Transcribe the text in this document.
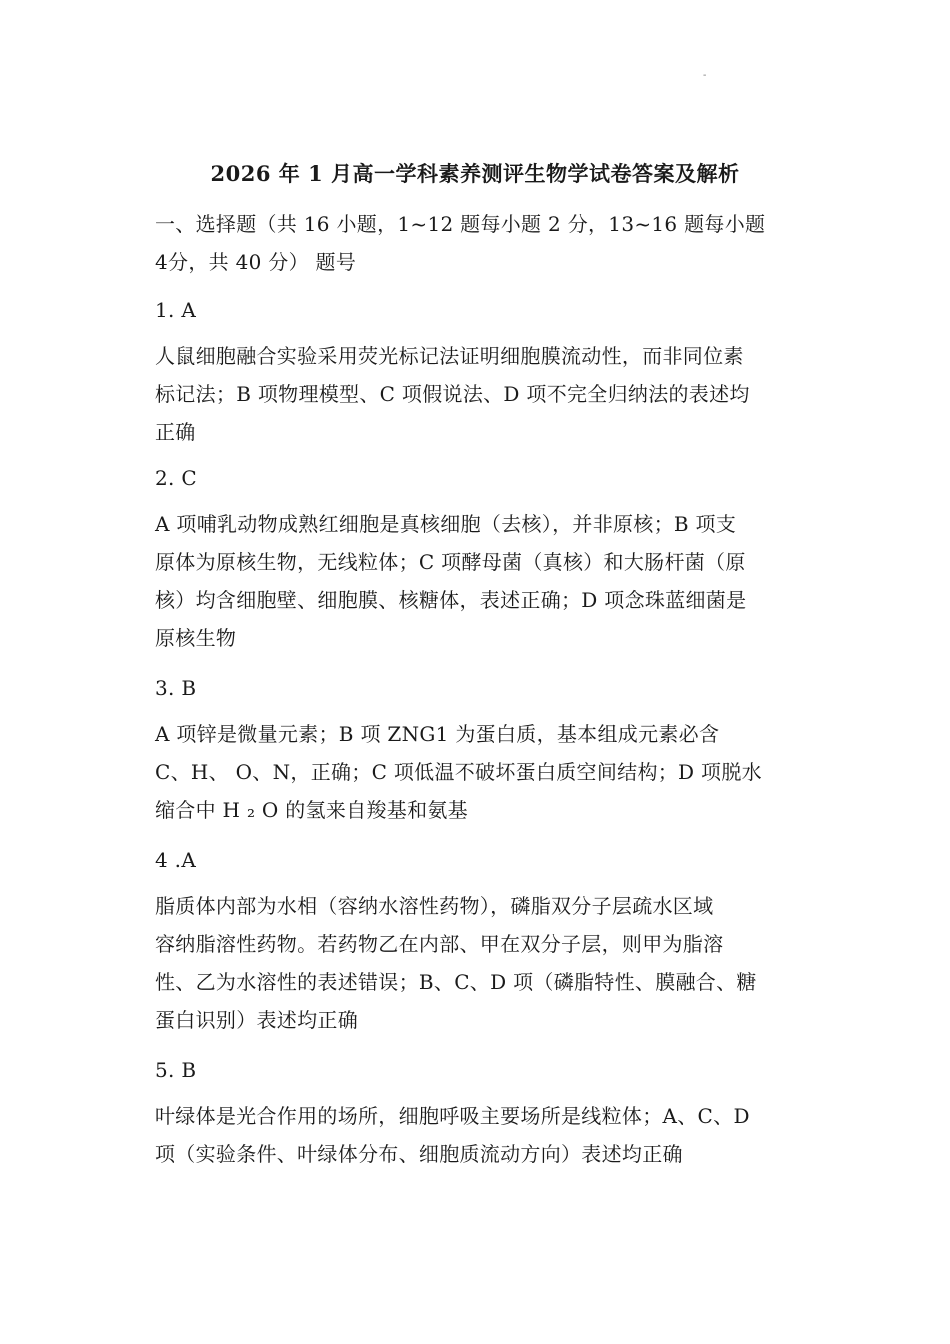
-
2026 年 1 月高一学科素养测评生物学试卷答案及解析
一、选择题（共 16 小题，1~12 题每小题 2 分，13~16 题每小题
4分，共 40 分） 题号
1. A
人鼠细胞融合实验采用荧光标记法证明细胞膜流动性，而非同位素
标记法；B 项物理模型、C 项假说法、D 项不完全归纳法的表述均
正确
2. C
A 项哺乳动物成熟红细胞是真核细胞（去核），并非原核；B 项支
原体为原核生物，无线粒体；C 项酵母菌（真核）和大肠杆菌（原
核）均含细胞壁、细胞膜、核糖体，表述正确；D 项念珠蓝细菌是
原核生物
3. B
A 项锌是微量元素；B 项 ZNG1 为蛋白质，基本组成元素必含
C、H、 O、N，正确；C 项低温不破坏蛋白质空间结构；D 项脱水
缩合中 H ₂ O 的氢来自羧基和氨基
4 .A
脂质体内部为水相（容纳水溶性药物），磷脂双分子层疏水区域
容纳脂溶性药物。若药物乙在内部、甲在双分子层，则甲为脂溶
性、乙为水溶性的表述错误；B、C、D 项（磷脂特性、膜融合、糖
蛋白识别）表述均正确
5. B
叶绿体是光合作用的场所，细胞呼吸主要场所是线粒体；A、C、D
项（实验条件、叶绿体分布、细胞质流动方向）表述均正确
